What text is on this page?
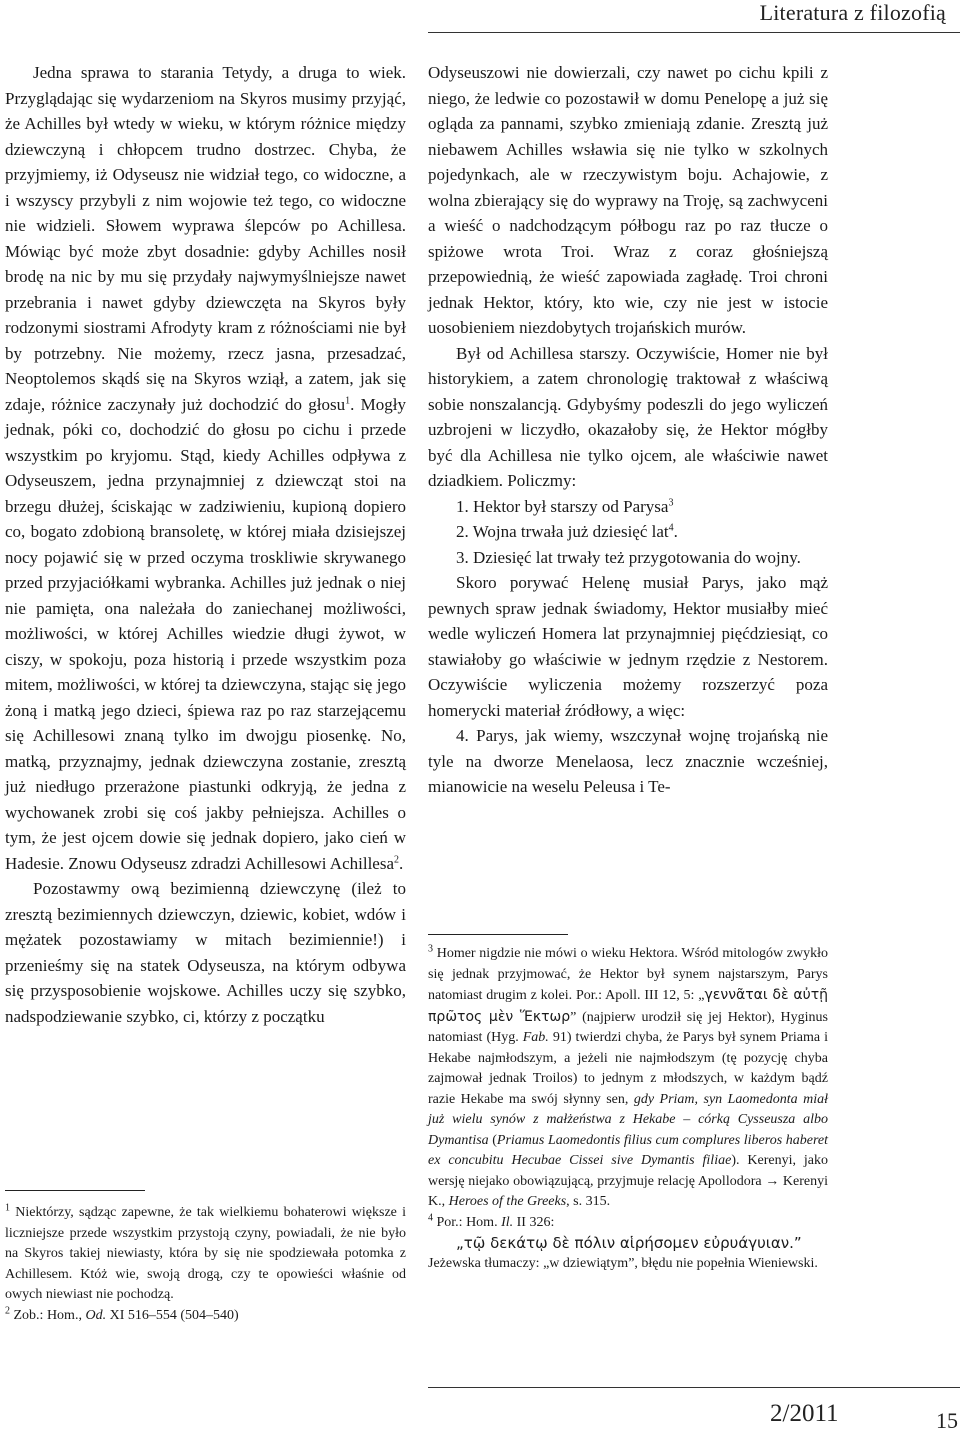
Literatura z filozofią

Jedna sprawa to starania Tetydy, a druga to wiek. Przyglądając się wydarzeniom na Skyros musimy przyjąć, że Achilles był wtedy w wieku, w którym różnice między dziewczyną i chłopcem trudno dostrzec. Chyba, że przyjmiemy, iż Odyseusz nie widział tego, co widoczne, a i wszyscy przybyli z nim wojowie też tego, co widoczne nie widzieli. Słowem wyprawa ślepców po Achillesa. Mówiąc być może zbyt dosadnie: gdyby Achilles nosił brodę na nic by mu się przydały najwymyślniejsze nawet przebrania i nawet gdyby dziewczęta na Skyros były rodzonymi siostrami Afrodyty kram z różnościami nie był by potrzebny. Nie możemy, rzecz jasna, przesadzać, Neoptolemos skądś się na Skyros wziął, a zatem, jak się zdaje, różnice zaczynały już dochodzić do głosu$^1$. Mogły jednak, póki co, dochodzić do głosu po cichu i przede wszystkim po kryjomu. Stąd, kiedy Achilles odpływa z Odyseuszem, jedna przynajmniej z dziewcząt stoi na brzegu dłużej, ściskając w zadziwieniu, kupioną dopiero co, bogato zdobioną bransoletę, w której miała dzisiejszej nocy pojawić się w przed oczyma troskliwie skrywanego przed przyjaciółkami wybranka. Achilles już jednak o niej nie pamięta, ona należała do zaniechanej możliwości, możliwości, w której Achilles wiedzie długi żywot, w ciszy, w spokoju, poza historią i przede wszystkim poza mitem, możliwości, w której ta dziewczyna, stając się jego żoną i matką jego dzieci, śpiewa raz po raz starzejącemu się Achillesowi znaną tylko im dwojgu piosenkę. No, matką, przyznajmy, jednak dziewczyna zostanie, zresztą już niedługo przerażone piastunki odkryją, że jedna z wychowanek zrobi się coś jakby pełniejsza. Achilles o tym, że jest ojcem dowie się jednak dopiero, jako cień w Hadesie. Znowu Odyseusz zdradzi Achillesowi Achillesa$^2$.

Pozostawmy ową bezimienną dziewczynę (ileż to zresztą bezimiennych dziewczyn, dziewic, kobiet, wdów i mężatek pozostawiamy w mitach bezimiennie!) i przenieśmy się na statek Odyseusza, na którym odbywa się przysposobienie wojskowe. Achilles uczy się szybko, nadspodziewanie szybko, ci, którzy z początku

Odyseuszowi nie dowierzali, czy nawet po cichu kpili z niego, że ledwie co pozostawił w domu Penelopę a już się ogląda za pannami, szybko zmieniają zdanie. Zresztą już niebawem Achilles wsławia się nie tylko w szkolnych pojedynkach, ale w rzeczywistym boju. Achajowie, z wolna zbierający się do wyprawy na Troję, są zachwyceni a wieść o nadchodzącym półbogu raz po raz tłucze o spiżowe wrota Troi. Wraz z coraz głośniejszą przepowiednią, że wieść zapowiada zagładę. Troi chroni jednak Hektor, który, kto wie, czy nie jest w istocie uosobieniem niezdobytych trojańskich murów.

Był od Achillesa starszy. Oczywiście, Homer nie był historykiem, a zatem chronologię traktował z właściwą sobie nonszalancją. Gdybyśmy podeszli do jego wyliczeń uzbrojeni w liczydło, okazałoby się, że Hektor mógłby być dla Achillesa nie tylko ojcem, ale właściwie nawet dziadkiem. Policzmy:

1. Hektor był starszy od Parysa$^3$

2. Wojna trwała już dziesięć lat$^4$.

3. Dziesięć lat trwały też przygotowania do wojny.

Skoro porywać Helenę musiał Parys, jako mąż pewnych spraw jednak świadomy, Hektor musiałby mieć wedle wyliczeń Homera lat przynajmniej pięćdziesiąt, co stawiałoby go właściwie w jednym rzędzie z Nestorem. Oczywiście wyliczenia możemy rozszerzyć poza homerycki materiał źródłowy, a więc:

4. Parys, jak wiemy, wszczynał wojnę trojańską nie tyle na dworze Menelaosa, lecz znacznie wcześniej, mianowicie na weselu Peleusa i Te-

$^1$ Niektórzy, sądząc zapewne, że tak wielkiemu bohaterowi większe i liczniejsze przede wszystkim przystoją czyny, powiadali, że nie było na Skyros takiej niewiasty, która by się nie spodziewała potomka z Achillesem. Któż wie, swoją drogą, czy te opowieści właśnie od owych niewiast nie pochodzą.

$^2$ Zob.: Hom., Od. XI 516–554 (504–540)

$^3$ Homer nigdzie nie mówi o wieku Hektora. Wśród mitologów zwykło się jednak przyjmować, że Hektor był synem najstarszym, Parys natomiast drugim z kolei. Por.: Apoll. III 12, 5: „γεννᾶται δὲ αὐτῇ πρῶτος μὲν Ἕκτωρ” (najpierw urodził się jej Hektor), Hyginus natomiast (Hyg. Fab. 91) twierdzi chyba, że Parys był synem Priama i Hekabe najmłodszym, a jeżeli nie najmłodszym (tę pozycję chyba zajmował jednak Troilos) to jednym z młodszych, w każdym bądź razie Hekabe ma swój słynny sen, gdy Priam, syn Laomedonta miał już wielu synów z małżeństwa z Hekabe – córką Cysseusza albo Dymantisa (Priamus Laomedontis filius cum complures liberos haberet ex concubitu Hecubae Cissei sive Dymantis filiae). Kerenyi, jako wersję niejako obowiązującą, przyjmuje relację Apollodora → Kerenyi K., Heroes of the Greeks, s. 315.

$^4$ Por.: Hom. Il. II 326:

„τῷ δεκάτῳ δὲ πόλιν αἱρήσομεν εὐρυάγυιαν.”

Jeżewska tłumaczy: „w dziewiątym”, błędu nie popełnia Wieniewski.

2/2011	15
